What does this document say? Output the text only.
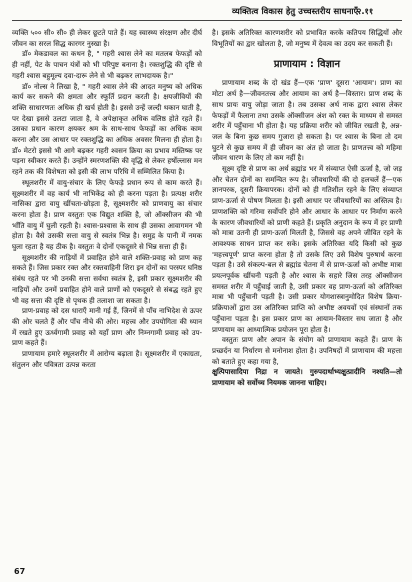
व्यक्तित्व विकास हेतु उच्चस्तरीय साधनाएँ
२.११

व्यक्ति ५०० सी० सी० ही लेकर छूटते पाते हैं। यह स्वास्थ्य संरक्षण और दीर्घ जीवन का सरल सिद्ध कारगर नुस्खा है।

डॉ० मेकडावल का कथन है, " गहरी श्वास लेने का मतलब फेफड़ों को ही नहीं, पेट के पाचन यंत्रों को भी परिपुष्ट बनाना है। रक्तशुद्धि की दृष्टि से गहरी श्वास बहुमूल्य दवा-दारू लेने से भी बढ़कर लाभदायक है।"

डॉ० नोल्स ने लिखा है, " गहरी श्वास लेने की आदत मनुष्य को अधिक कार्य कर सकने की क्षमता और स्फूर्ति प्रदान करती है। क्षयजीवियों की शक्ति साधारणतः अधिक ही खर्च होती है। इससे उन्हें जल्दी थकान घाती है, पर देखा इससे उलटा जाता है, वे अपेक्षाकृत अधिक वलिष्ठ होते रहते हैं। उसका प्रधान कारण क्षयकर श्रम के साथ-साथ फेफड़ों का अधिक काम करना और उस आधार पर रक्तशुद्धि का अधिक अवसर मिलना ही होता है। डॉ० मेटरो इससे भी आगे बढ़कर गहरी श्वसन क्रिया का प्रभाव मस्तिष्क पर पड़ना स्वीकार करते हैं। उन्होंने स्मरणशक्ति की वृद्धि से लेकर हर्षोल्लास मन रहने तक की विशेषता को इसी की लाभ परिधि में सम्मिलित किया है।

स्थूलशरीर में वायु-संचार के लिए फेफड़े प्रधान रूप से काम करते हैं। सूक्ष्मशरीर में वह कार्य भी नाभिकेंद्र को ही करना पड़ता है। प्रत्यक्ष शरीर नासिका द्वारा वायु खींचता-छोड़ता है, सूक्ष्मशरीर को प्राणवायु का संचार करना होता है। प्राण वस्तुतः एक विद्युत शक्ति है, जो ऑक्सीजन की भी भाँति वायु में घुली रहती है। श्वास-प्रश्वास के साथ ही उसका आवागमन भी होता है। वैसे उसकी सत्ता वायु से स्वतंत्र भिन्न है। समुद्र के पानी में नमक घुला रहता है यह ठीक है। वस्तुतः वे दोनों एकदूसरे से भिन्न सत्ता ही हैं।

सूक्ष्मशरीर की नाड़ियों में प्रवाहित होने वाले शक्ति-प्रवाह को प्राण कह सकते हैं। जिस प्रकार रक्त और रक्तवाहिनी शिरा इन दोनों का परस्पर घनिष्ठ संबंध रहते पर भी उनकी सत्ता सर्वथा स्वतंत्र है, इसी प्रकार सूक्ष्मशरीर की नाड़ियों और उनमें प्रवाहित होने वाले प्राणों को एकदूसरे से संबद्ध रहते हुए भी वह सत्ता की दृष्टि से पृथक ही तलाशा जा सकता है।

प्राण-प्रवाह को दस धाराएँ मानी गई हैं, जिनमें से पाँच नाभिदेश से ऊपर की ओर चलते हैं और पाँच नीचे की ओर। महत्त्व और उपयोगिता की ध्यान में रखते हुए ऊर्ध्वगामी प्रवाह को यहाँ प्राण और निम्नगामी प्रवाह को उप-प्राण कहते हैं।

प्राणायाम हमारे स्थूलशरीर में आरोग्य बढ़ाता है। सूक्ष्मशरीर में एकाग्रता, संतुलन और पवित्रता उत्पन्न करता

है। इसके अतिरिक्त कारणशरीर को प्रभावित करके कतिपय सिद्धियों और विभूतियों का द्वार खोलता है, जो मनुष्य में देवत्व का उदय कर सकती हैं।

प्राणायाम : विज्ञान

प्राणायाम शब्द के दो खंड हैं—एक 'प्राण' दूसरा 'आयाम'। प्राण का मोटा अर्थ है—जीवनतत्त्व और आयाम का अर्थ है—विस्तार। प्राण शब्द के साथ प्रायः वायु जोड़ा जाता है। तब उसका अर्थ नाक द्वारा श्वास लेकर फेफड़ों में फैलाना तथा उसके ऑक्सीजन अंश को रक्त के माध्यम से समस्त शरीर में पहुँचाना भी होता है। यह प्रक्रिया शरीर को जीवित रखती है, अन्न-जल के बिना कुछ समय गुजारा हो सकता है। पर श्वास के बिना तो दम घुटने से कुछ समय में ही जीवन का अंत हो जाता है। प्राणतत्त्व को महिमा जीवन धारण के लिए तो कम नहीं है।

सूक्ष्म दृष्टि से प्राण का अर्थ ब्रह्मांड भर में संव्याप्त ऐसी ऊर्जा है, जो जड़ और चेतन दोनों का समन्वित रूप है। जीवधारियों की दो हलचलें हैं—एक ज्ञानपरक, दूसरी क्रियापरक। दोनों को ही गतिशील रहने के लिए संव्याप्त प्राण-ऊर्जा से पोषण मिलता है। इसी आधार पर जीवधारियों का अस्तित्व है। प्राणशक्ति को गरिमा सर्वोपरि होने और आधार के आधार पर निर्माण करने के कारण जीवधारियों को प्राणी कहते हैं। प्रकृति अनुदान के रूप में हर प्राणी को मात्रा उतनी ही प्राण-ऊर्जा मिलती है, जिससे वह अपने जीवित रहने के आवश्यक साधन प्राप्त कर सके। इसके अतिरिक्त यदि किसी को कुछ 'महत्त्वपूर्ण' प्राप्त करना होता है तो उसके लिए उसे विशेष पुरुषार्थ करना पड़ता है। उसे संकल्प-बल से ब्रह्मांड चेतना में से प्राण-ऊर्जा को अभीष्ट मात्रा प्रयत्नपूर्वक खींचनी पड़ती है और श्वास के सहारे जिस तरह ऑक्सीजन समस्त शरीर में पहुँचाई जाती है, उसी प्रकार वह प्राण-ऊर्जा को अतिरिक्त मात्रा भी पहुँचानी पड़ती है। उसी प्रकार योगशास्त्रानुमोदित विशेष क्रिया-प्रक्रियाओं द्वारा उस अतिरिक्त प्राप्ति को अभीष्ट अवयवों एवं संस्थानों तक पहुँचाना पड़ता है। इस प्रकार प्राण का आयाम-विस्तार सध जाता है और प्राणायाम का आध्यात्मिक प्रयोजन पूरा होता है।

वस्तुतः प्राण और अपान के संयोग को प्राणायाम कहते हैं। प्राण के प्रच्छर्दन या निर्धारण से मनोनाश होता है। उपनिषदों में प्राणायाम की महत्ता को बताते हुए कहा गया है,

क्षुत्पिपासादिपा निद्रा न जायते। गुरुपदार्थाभ्यक्षुत्प्रादीनि नश्यति—तो प्राणायाम को सर्वोच्च नियमक जानना चाहिए।

67
